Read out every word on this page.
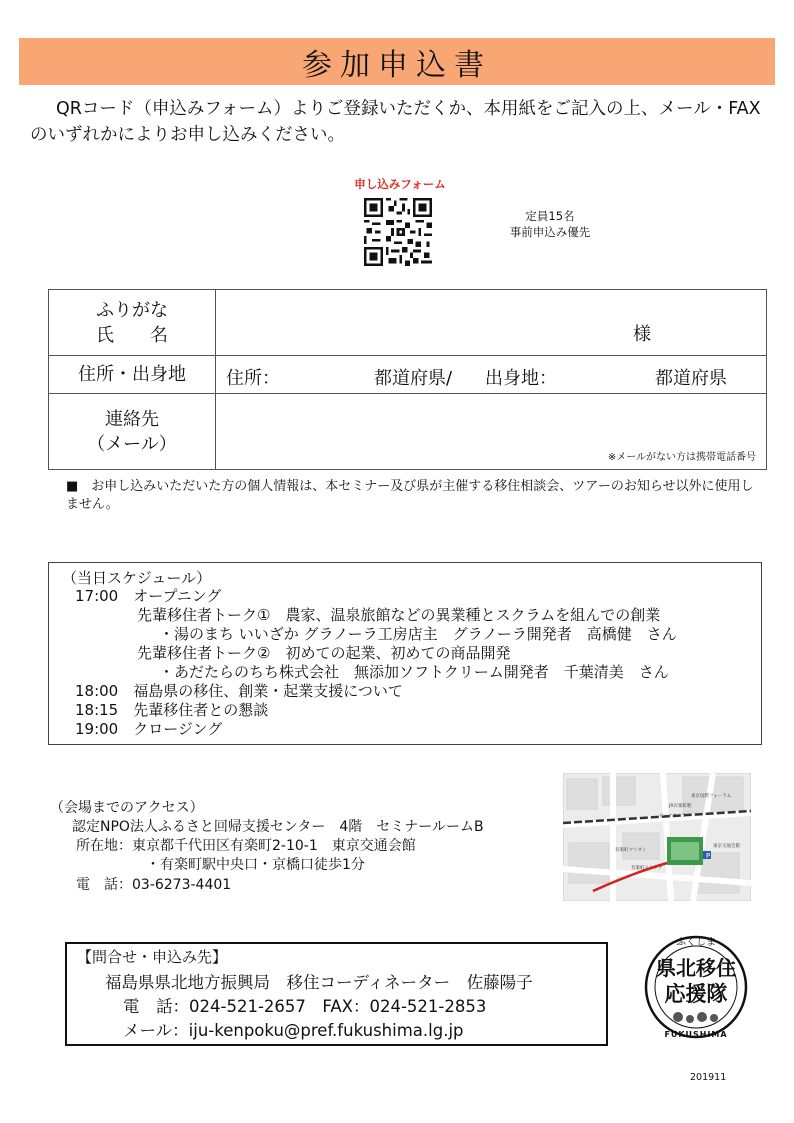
参加申込書
QRコード（申込みフォーム）よりご登録いただくか、本用紙をご記入の上、メール・FAXのいずれかによりお申し込みください。
申し込みフォーム
定員15名
事前申込み優先
ふりがな
氏　　名	様

住所・出身地	住所： 都道府県/ 出身地： 都道府県

連絡先
（メール）	※メールがない方は携帯電話番号
■　お申し込みいただいた方の個人情報は、本セミナー及び県が主催する移住相談会、ツアーのお知らせ以外に使用しません。
（当日スケジュール）
17:00　オープニング
先輩移住者トーク①　農家、温泉旅館などの異業種とスクラムを組んでの創業
・湯のまち いいざか グラノーラ工房店主　グラノーラ開発者　高橋健　さん
先輩移住者トーク②　初めての起業、初めての商品開発
・あだたらのちち株式会社　無添加ソフトクリーム開発者　千葉清美　さん
18:00　福島県の移住、創業・起業支援について
18:15　先輩移住者との懇談
19:00　クロージング
（会場までのアクセス）
認定NPO法人ふるさと回帰支援センター　4階　セミナールームB
所在地：東京都千代田区有楽町2-10-1　東京交通会館
・有楽町駅中央口・京橋口徒歩1分
電　話：03-6273-4401
P
JR有楽町駅
東京国際フォーラム
ビックカメラ
有楽町マリオン
有楽町イトシア
東京交通会館
【問合せ・申込み先】
福島県県北地方振興局　移住コーディネーター　佐藤陽子
電　話：024-521-2657　FAX：024-521-2853
メール：iju-kenpoku@pref.fukushima.lg.jp
ふくしま
県北移住
応援隊
FUKUSHIMA
201911
